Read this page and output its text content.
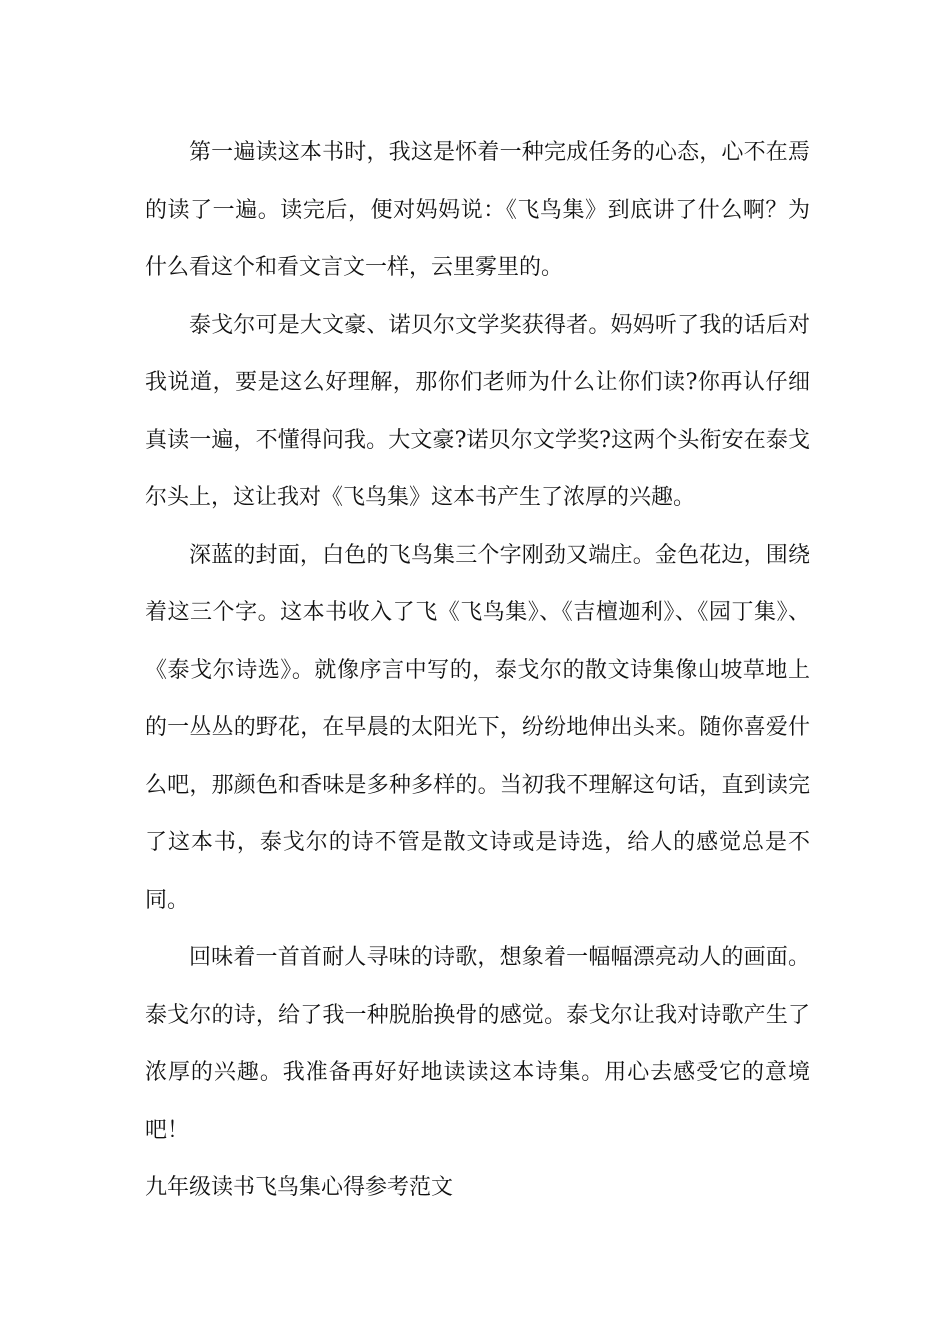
第一遍读这本书时，我这是怀着一种完成任务的心态，心不在焉的读了一遍。读完后，便对妈妈说：《飞鸟集》到底讲了什么啊？为什么看这个和看文言文一样，云里雾里的。

泰戈尔可是大文豪、诺贝尔文学奖获得者。妈妈听了我的话后对我说道，要是这么好理解，那你们老师为什么让你们读?你再认仔细真读一遍，不懂得问我。大文豪?诺贝尔文学奖?这两个头衔安在泰戈尔头上，这让我对《飞鸟集》这本书产生了浓厚的兴趣。

深蓝的封面，白色的飞鸟集三个字刚劲又端庄。金色花边，围绕着这三个字。这本书收入了飞《飞鸟集》、《吉檀迦利》、《园丁集》、《泰戈尔诗选》。就像序言中写的，泰戈尔的散文诗集像山坡草地上的一丛丛的野花，在早晨的太阳光下，纷纷地伸出头来。随你喜爱什么吧，那颜色和香味是多种多样的。当初我不理解这句话，直到读完了这本书，泰戈尔的诗不管是散文诗或是诗选，给人的感觉总是不同。

回味着一首首耐人寻味的诗歌，想象着一幅幅漂亮动人的画面。泰戈尔的诗，给了我一种脱胎换骨的感觉。泰戈尔让我对诗歌产生了浓厚的兴趣。我准备再好好地读读这本诗集。用心去感受它的意境吧！

九年级读书飞鸟集心得参考范文
